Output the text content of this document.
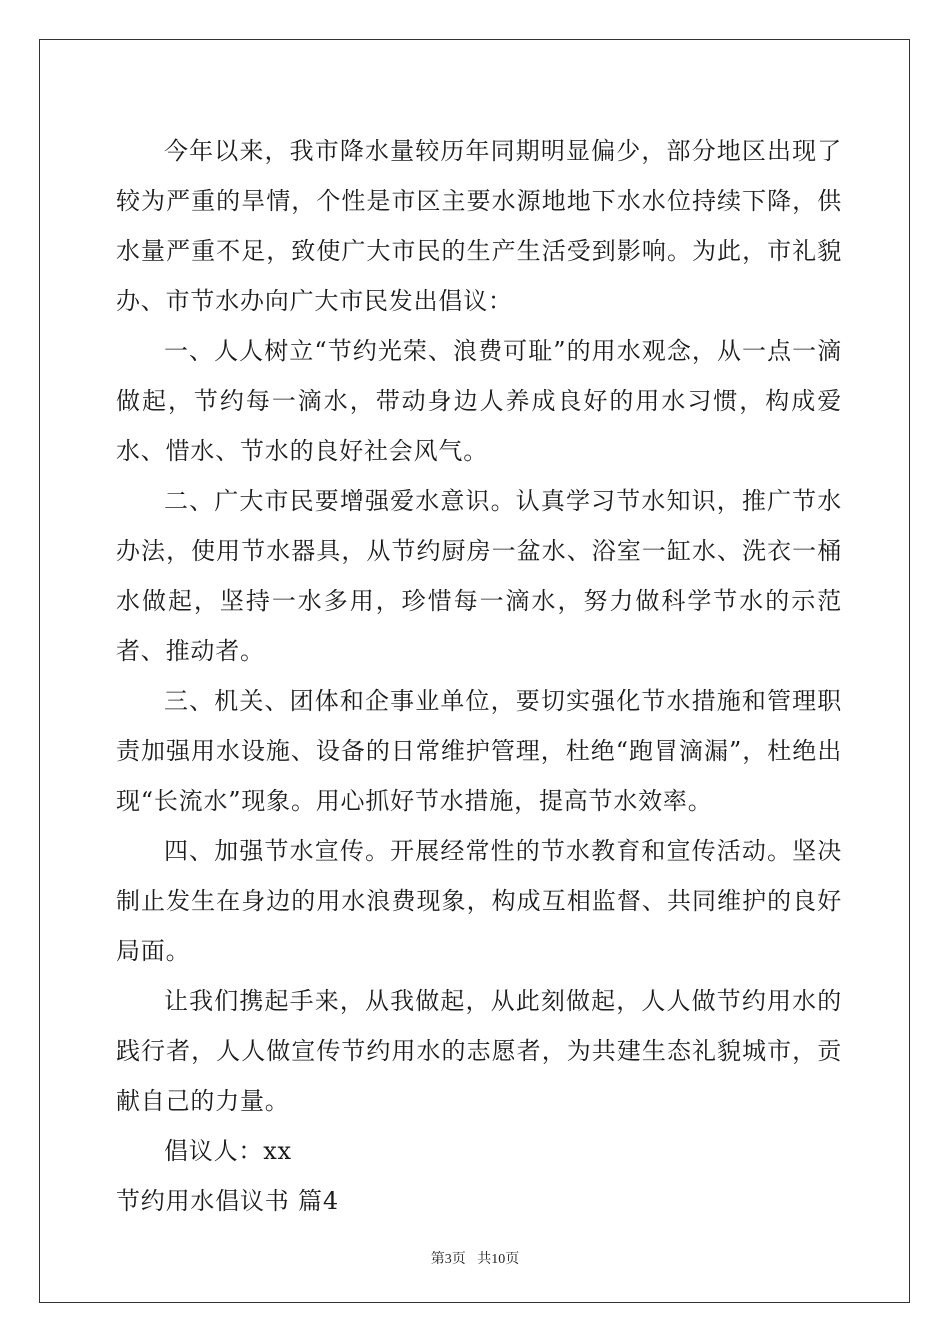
今年以来，我市降水量较历年同期明显偏少，部分地区出现了较为严重的旱情，个性是市区主要水源地地下水水位持续下降，供水量严重不足，致使广大市民的生产生活受到影响。为此，市礼貌办、市节水办向广大市民发出倡议：

一、人人树立“节约光荣、浪费可耻”的用水观念，从一点一滴做起，节约每一滴水，带动身边人养成良好的用水习惯，构成爱水、惜水、节水的良好社会风气。

二、广大市民要增强爱水意识。认真学习节水知识，推广节水办法，使用节水器具，从节约厨房一盆水、浴室一缸水、洗衣一桶水做起，坚持一水多用，珍惜每一滴水，努力做科学节水的示范者、推动者。

三、机关、团体和企事业单位，要切实强化节水措施和管理职责加强用水设施、设备的日常维护管理，杜绝“跑冒滴漏”，杜绝出现“长流水”现象。用心抓好节水措施，提高节水效率。

四、加强节水宣传。开展经常性的节水教育和宣传活动。坚决制止发生在身边的用水浪费现象，构成互相监督、共同维护的良好局面。

让我们携起手来，从我做起，从此刻做起，人人做节约用水的践行者，人人做宣传节约用水的志愿者，为共建生态礼貌城市，贡献自己的力量。

倡议人：xx

节约用水倡议书 篇4

第3页 共10页
